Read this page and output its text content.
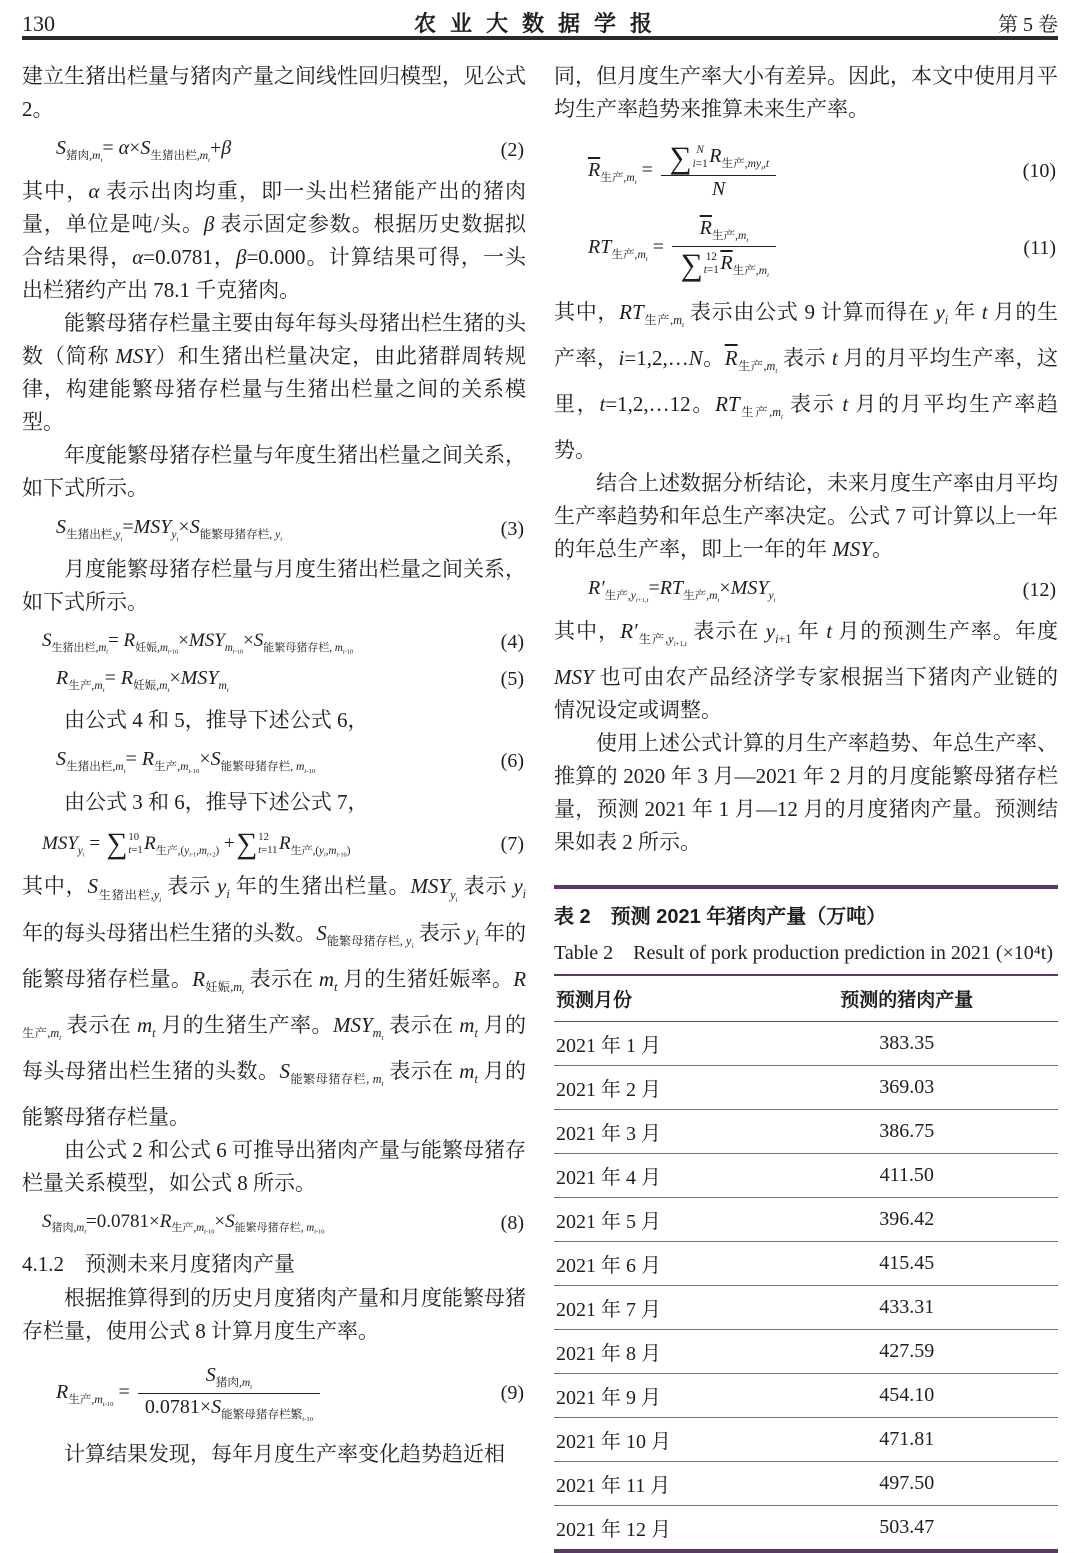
130	农业大数据学报	第 5 卷

建立生猪出栏量与猪肉产量之间线性回归模型，见公式 2。

$S_{猪肉,m_t}= \alpha\times S_{生猪出栏,m_t}+\beta$	(2)

其中，α 表示出肉均重，即一头出栏猪能产出的猪肉量，单位是吨/头。β 表示固定参数。根据历史数据拟合结果得，α=0.0781，β=0.000。计算结果可得，一头出栏猪约产出 78.1 千克猪肉。

能繁母猪存栏量主要由每年每头母猪出栏生猪的头数（简称 MSY）和生猪出栏量决定，由此猪群周转规律，构建能繁母猪存栏量与生猪出栏量之间的关系模型。

年度能繁母猪存栏量与年度生猪出栏量之间关系，如下式所示。

$S_{生猪出栏,y_i}=MSY_{y_i}\times S_{能繁母猪存栏, y_i}$	(3)

月度能繁母猪存栏量与月度生猪出栏量之间关系，如下式所示。

$S_{生猪出栏,m_t}= R_{妊娠,m_{t-10}}\times MSY_{m_{t-10}}\times S_{能繁母猪存栏, m_{t-10}}$	(4)
$R_{生产,m_t}= R_{妊娠,m_t}\times MSY_{m_t}$	(5)

由公式 4 和 5，推导下述公式 6，

$S_{生猪出栏,m_t}= R_{生产,m_{t-10}}\times S_{能繁母猪存栏, m_{t-10}}$	(6)

由公式 3 和 6，推导下述公式 7，

$MSY_{y_i}$ = ∑ 10
t=1 $R_{生产,(y_{i-1},m_{t+2})}$ + ∑ 12
t=11 $R_{生产,(y_i,m_{t-10})}$	(7)

其中，$S_{生猪出栏,y_i}$ 表示 $y_i$ 年的生猪出栏量。$MSY_{y_i}$ 表示 $y_i$ 年的每头母猪出栏生猪的头数。$S_{能繁母猪存栏, y_i}$ 表示 $y_i$ 年的能繁母猪存栏量。$R_{妊娠,m_t}$ 表示在 $m_t$ 月的生猪妊娠率。$R_{生产,m_t}$ 表示在 $m_t$ 月的生猪生产率。$MSY_{m_t}$ 表示在 $m_t$ 月的每头母猪出栏生猪的头数。$S_{能繁母猪存栏, m_t}$ 表示在 $m_t$ 月的能繁母猪存栏量。

由公式 2 和公式 6 可推导出猪肉产量与能繁母猪存栏量关系模型，如公式 8 所示。

$S_{猪肉,m_t}=0.0781\times R_{生产,m_{t-10}}\times S_{能繁母猪存栏, m_{t-10}}$	(8)

4.1.2　预测未来月度猪肉产量

根据推算得到的历史月度猪肉产量和月度能繁母猪存栏量，使用公式 8 计算月度生产率。

$R_{生产,m_{t-10}}$ =
$S_{猪肉,m_t}$
$0.0781\times S_{能繁母猪存栏繁_{t-10}}$
(9)

计算结果发现，每年月度生产率变化趋势趋近相

同，但月度生产率大小有差异。因此，本文中使用月平均生产率趋势来推算未来生产率。

$\overline{R}_{生产,m_t}$ = ∑ N
i=1 $R_{生产,my_i,t}$
N
(10)
$RT_{生产,m_t}$ =
$\overline{R}_{生产,m_t}$
∑ 12
t=1 $\overline{R}_{生产,m_t}$
(11)

其中，$RT_{生产,m_t}$ 表示由公式 9 计算而得在 $y_i$ 年 t 月的生产率，i=1,2,…N。$\overline{R}_{生产,m_t}$ 表示 t 月的月平均生产率，这里，t=1,2,…12。$RT_{生产,m_t}$ 表示 t 月的月平均生产率趋势。

结合上述数据分析结论，未来月度生产率由月平均生产率趋势和年总生产率决定。公式 7 可计算以上一年的年总生产率，即上一年的年 MSY。

$R'_{生产,y_{i+1,t}}=RT_{生产,m_t}\times MSY_{y_i}$	(12)

其中，$R'_{生产,y_{i+1,t}}$ 表示在 $y_{i+1}$ 年 t 月的预测生产率。年度 MSY 也可由农产品经济学专家根据当下猪肉产业链的情况设定或调整。

使用上述公式计算的月生产率趋势、年总生产率、推算的 2020 年 3 月—2021 年 2 月的月度能繁母猪存栏量，预测 2021 年 1 月—12 月的月度猪肉产量。预测结果如表 2 所示。

表 2　预测 2021 年猪肉产量（万吨）
Table 2　Result of pork production prediction in 2021 (×10⁴t)
预测月份	预测的猪肉产量
2021 年 1 月	383.35
2021 年 2 月	369.03
2021 年 3 月	386.75
2021 年 4 月	411.50
2021 年 5 月	396.42
2021 年 6 月	415.45
2021 年 7 月	433.31
2021 年 8 月	427.59
2021 年 9 月	454.10
2021 年 10 月	471.81
2021 年 11 月	497.50
2021 年 12 月	503.47
